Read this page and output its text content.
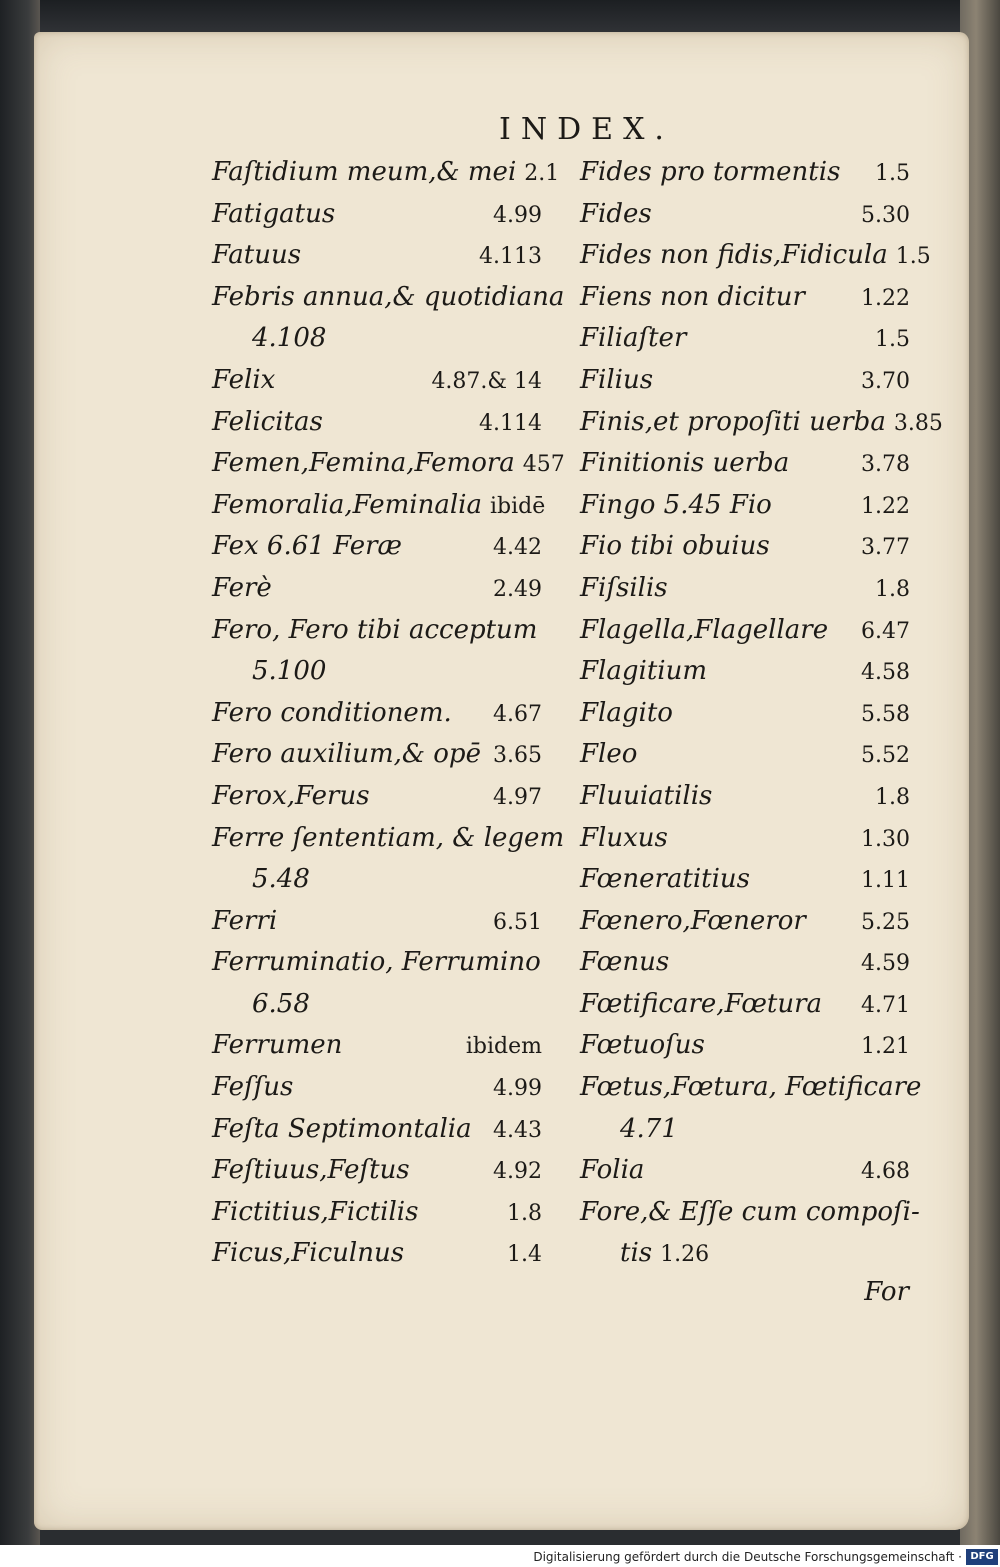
INDEX.
Faſtidium meum,& mei 2.1
Fatigatus	4.99
Fatuus	4.113
Febris annua,& quotidiana
4.108
Felix	4.87.& 14
Felicitas	4.114
Femen,Femina,Femora 457
Femoralia,Feminalia ibidē
Fex 6.61 Feræ	4.42
Ferè	2.49
Fero, Fero tibi acceptum
5.100
Fero conditionem.	4.67
Fero auxilium,& opē 3.65
Ferox,Ferus	4.97
Ferre ſententiam, & legem
5.48
Ferri	6.51
Ferruminatio, Ferrumino
6.58
Ferrumen	ibidem
Feſſus	4.99
Feſta Septimontalia 4.43
Feſtiuus,Feſtus	4.92
Fictitius,Fictilis	1.8
Ficus,Ficulnus	1.4
Fides pro tormentis	1.5
Fides	5.30
Fides non fidis,Fidicula 1.5
Fiens non dicitur	1.22
Filiaſter	1.5
Filius	3.70
Finis,et propoſiti uerba 3.85
Finitionis uerba	3.78
Fingo 5.45 Fio	1.22
Fio tibi obuius	3.77
Fiſsilis	1.8
Flagella,Flagellare	6.47
Flagitium	4.58
Flagito	5.58
Fleo	5.52
Fluuiatilis	1.8
Fluxus	1.30
Fœneratitius	1.11
Fœnero,Fœneror	5.25
Fœnus	4.59
Fœtificare,Fœtura	4.71
Fœtuoſus	1.21
Fœtus,Fœtura, Fœtificare
4.71
Folia	4.68
Fore,& Eſſe cum compoſi-
tis 1.26
For
Digitalisierung gefördert durch die Deutsche Forschungsgemeinschaft · DFG
